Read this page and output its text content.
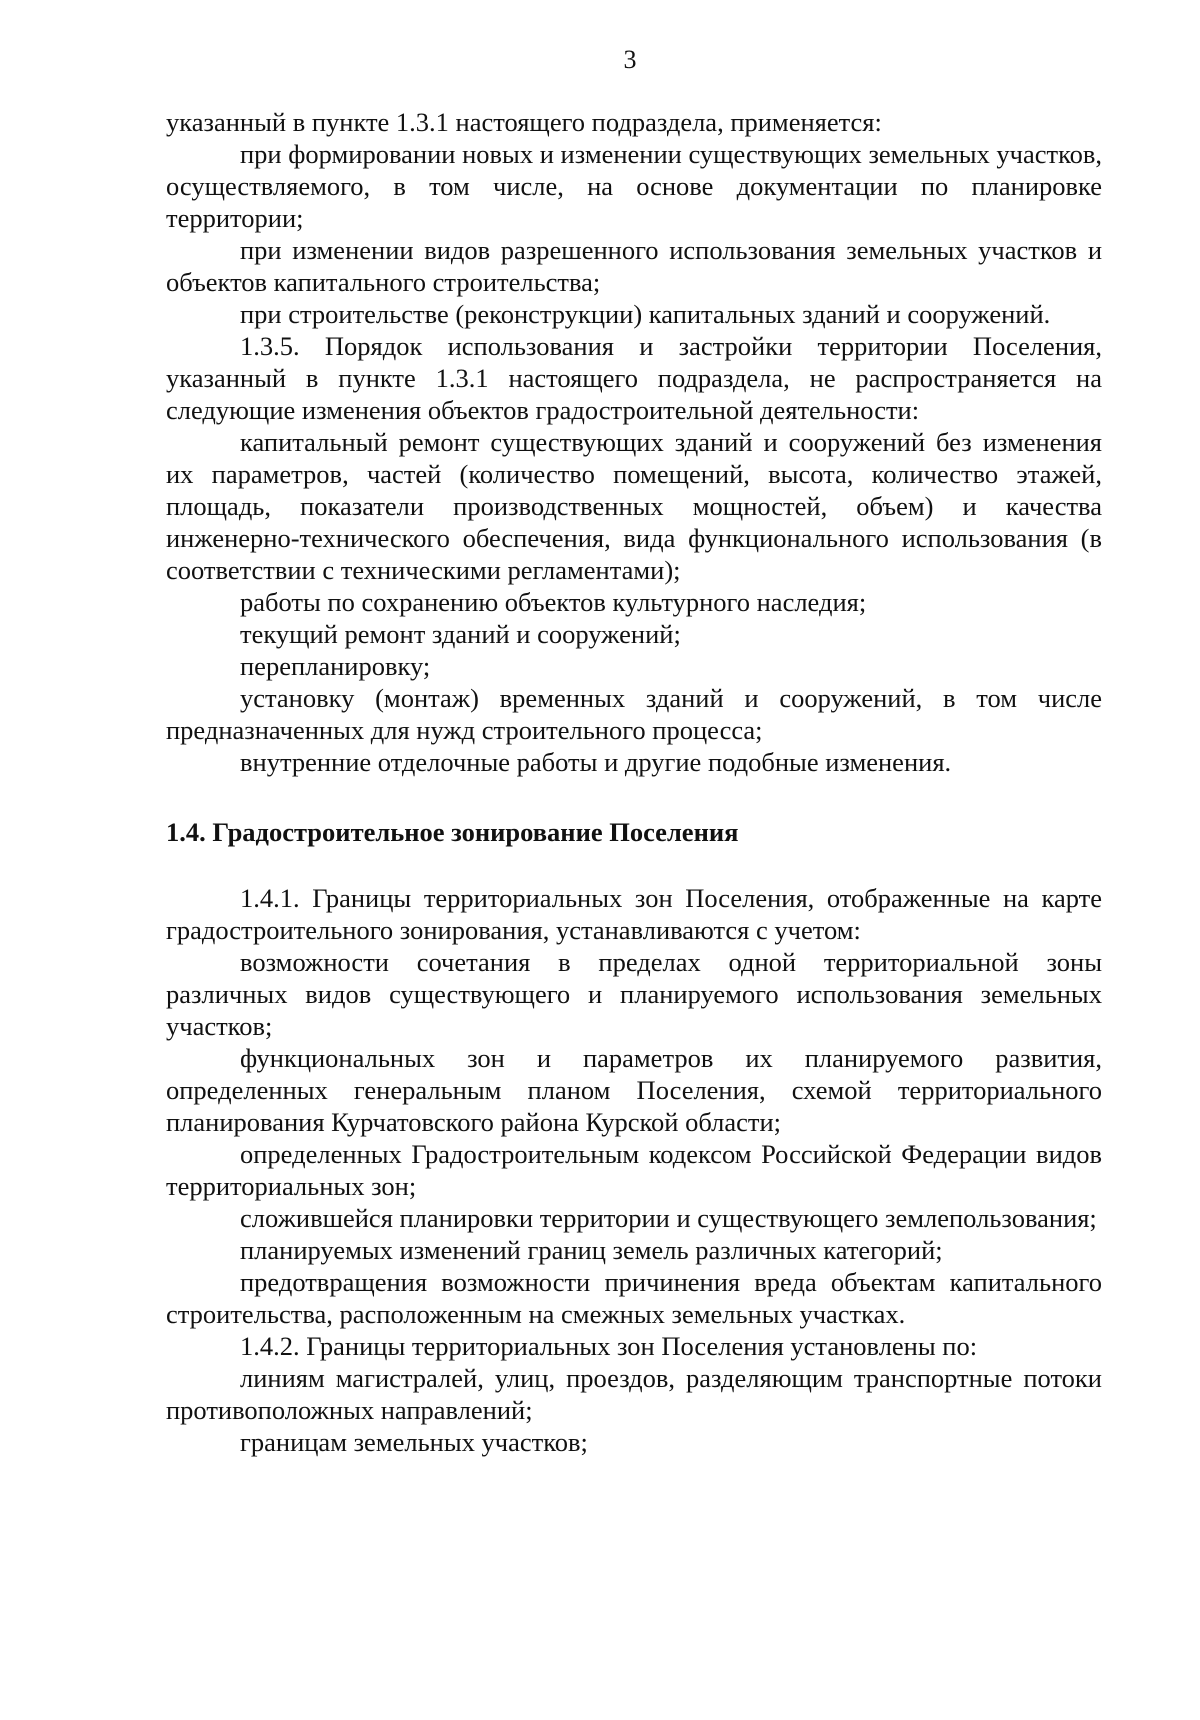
3
указанный в пункте 1.3.1 настоящего подраздела, применяется:
при формировании новых и изменении существующих земельных участков, осуществляемого, в том числе, на основе документации по планировке территории;
при изменении видов разрешенного использования земельных участков и объектов капитального строительства;
при строительстве (реконструкции) капитальных зданий и сооружений.
1.3.5. Порядок использования и застройки территории Поселения, указанный в пункте 1.3.1 настоящего подраздела, не распространяется на следующие изменения объектов градостроительной деятельности:
капитальный ремонт существующих зданий и сооружений без изменения их параметров, частей (количество помещений, высота, количество этажей, площадь, показатели производственных мощностей, объем) и качества инженерно-технического обеспечения, вида функционального использования (в соответствии с техническими регламентами);
работы по сохранению объектов культурного наследия;
текущий ремонт зданий и сооружений;
перепланировку;
установку (монтаж) временных зданий и сооружений, в том числе предназначенных для нужд строительного процесса;
внутренние отделочные работы и другие подобные изменения.
1.4. Градостроительное зонирование Поселения
1.4.1. Границы территориальных зон Поселения, отображенные на карте градостроительного зонирования, устанавливаются с учетом:
возможности сочетания в пределах одной территориальной зоны различных видов существующего и планируемого использования земельных участков;
функциональных зон и параметров их планируемого развития, определенных генеральным планом Поселения, схемой территориального планирования Курчатовского района Курской области;
определенных Градостроительным кодексом Российской Федерации видов территориальных зон;
сложившейся планировки территории и существующего землепользования;
планируемых изменений границ земель различных категорий;
предотвращения возможности причинения вреда объектам капитального строительства, расположенным на смежных земельных участках.
1.4.2. Границы территориальных зон Поселения установлены по:
линиям магистралей, улиц, проездов, разделяющим транспортные потоки противоположных направлений;
границам земельных участков;
